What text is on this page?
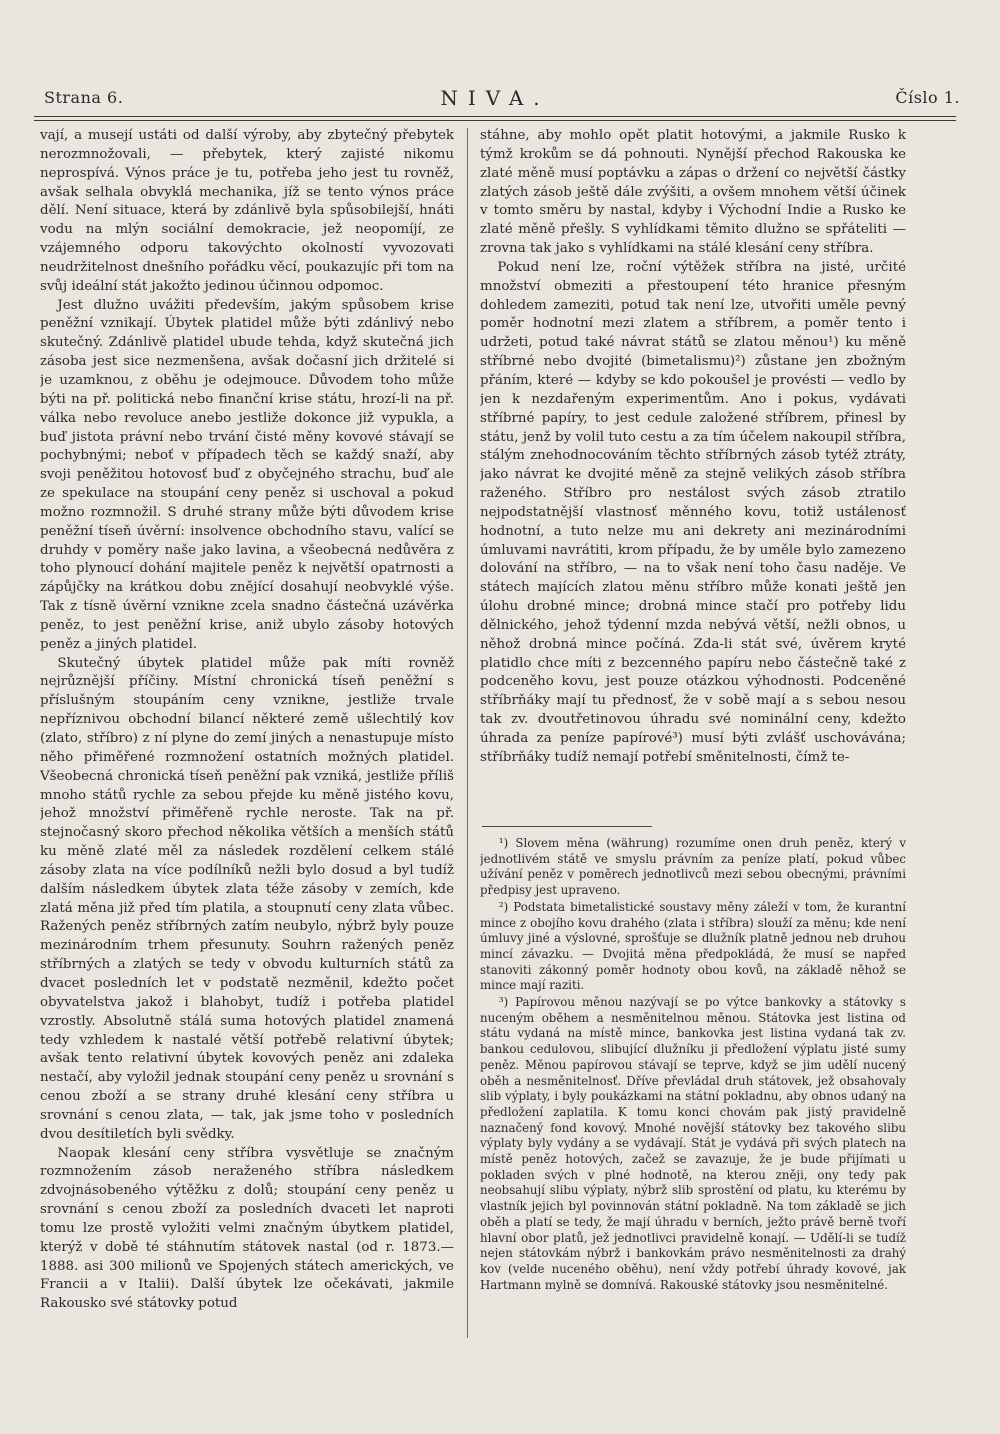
Strana 6.	NIVA.	Číslo 1.

vají, a musejí ustáti od další výroby, aby zbytečný přebytek nerozmnožovali, — přebytek, který zajisté nikomu neprospívá. Výnos práce je tu, potřeba jeho jest tu rovněž, avšak selhala obvyklá mechanika, jíž se tento výnos práce dělí. Není situace, která by zdánlivě byla spůsobilejší, hnáti vodu na mlýn sociální demokracie, jež neopomíjí, ze vzájemného odporu takovýchto okolností vyvozovati neudržitelnost dnešního pořádku věcí, poukazujíc při tom na svůj ideální stát jakožto jedinou účinnou odpomoc.

Jest dlužno uvážiti především, jakým spůsobem krise peněžní vznikají. Úbytek platidel může býti zdánlivý nebo skutečný. Zdánlivě platidel ubude tehda, když skutečná jich zásoba jest sice nezmenšena, avšak dočasní jich držitelé si je uzamknou, z oběhu je odejmouce. Důvodem toho může býti na př. politická nebo finanční krise státu, hrozí-li na př. válka nebo revoluce anebo jestliže dokonce již vypukla, a buď jistota právní nebo trvání čisté měny kovové stávají se pochybnými; neboť v případech těch se každý snaží, aby svoji peněžitou hotovosť buď z obyčejného strachu, buď ale ze spekulace na stoupání ceny peněz si uschoval a pokud možno rozmnožil. S druhé strany může býti důvodem krise peněžní tíseň úvěrní: insolvence obchodního stavu, valící se druhdy v poměry naše jako lavina, a všeobecná nedůvěra z toho plynoucí dohání majitele peněz k největší opatrnosti a zápůjčky na krátkou dobu znějící dosahují neobvyklé výše. Tak z tísně úvěrní vznikne zcela snadno částečná uzávěrka peněz, to jest peněžní krise, aniž ubylo zásoby hotových peněz a jiných platidel.

Skutečný úbytek platidel může pak míti rovněž nejrůznější příčiny. Místní chronická tíseň peněžní s příslušným stoupáním ceny vznikne, jestliže trvale nepříznivou obchodní bilancí některé země ušlechtilý kov (zlato, stříbro) z ní plyne do zemí jiných a nenastupuje místo něho přiměřené rozmnožení ostatních možných platidel. Všeobecná chronická tíseň peněžní pak vzniká, jestliže příliš mnoho států rychle za sebou přejde ku měně jistého kovu, jehož množství přiměřeně rychle neroste. Tak na př. stejnočasný skoro přechod několika větších a menších států ku měně zlaté měl za následek rozdělení celkem stálé zásoby zlata na více podílníků nežli bylo dosud a byl tudíž dalším následkem úbytek zlata téže zásoby v zemích, kde zlatá měna již před tím platila, a stoupnutí ceny zlata vůbec. Ražených peněz stříbrných zatím neubylo, nýbrž byly pouze mezinárodním trhem přesunuty. Souhrn ražených peněz stříbrných a zlatých se tedy v obvodu kulturních států za dvacet posledních let v podstatě nezměnil, kdežto počet obyvatelstva jakož i blahobyt, tudíž i potřeba platidel vzrostly. Absolutně stálá suma hotových platidel znamená tedy vzhledem k nastalé větší potřebě relativní úbytek; avšak tento relativní úbytek kovových peněz ani zdaleka nestačí, aby vyložil jednak stoupání ceny peněz u srovnání s cenou zboží a se strany druhé klesání ceny stříbra u srovnání s cenou zlata, — tak, jak jsme toho v posledních dvou desítiletích byli svědky.

Naopak klesání ceny stříbra vysvětluje se značným rozmnožením zásob neraženého stříbra následkem zdvojnásobeného výtěžku z dolů; stoupání ceny peněz u srovnání s cenou zboží za posledních dvaceti let naproti tomu lze prostě vyložiti velmi značným úbytkem platidel, kterýž v době té stáhnutím státovek nastal (od r. 1873.—1888. asi 300 milionů ve Spojených státech amerických, ve Francii a v Italii). Další úbytek lze očekávati, jakmile Rakousko své státovky potud

stáhne, aby mohlo opět platit hotovými, a jakmile Rusko k týmž krokům se dá pohnouti. Nynější přechod Rakouska ke zlaté měně musí poptávku a zápas o držení co největší částky zlatých zásob ještě dále zvýšiti, a ovšem mnohem větší účinek v tomto směru by nastal, kdyby i Východní Indie a Rusko ke zlaté měně přešly. S vyhlídkami těmito dlužno se spřáteliti — zrovna tak jako s vyhlídkami na stálé klesání ceny stříbra.

Pokud není lze, roční výtěžek stříbra na jisté, určité množství obmeziti a přestoupení této hranice přesným dohledem zameziti, potud tak není lze, utvořiti uměle pevný poměr hodnotní mezi zlatem a stříbrem, a poměr tento i udržeti, potud také návrat států se zlatou měnou¹) ku měně stříbrné nebo dvojité (bimetalismu)²) zůstane jen zbožným přáním, které — kdyby se kdo pokoušel je provésti — vedlo by jen k nezdařeným experimentům. Ano i pokus, vydávati stříbrné papíry, to jest cedule založené stříbrem, přinesl by státu, jenž by volil tuto cestu a za tím účelem nakoupil stříbra, stálým znehodnocováním těchto stříbrných zásob tytéž ztráty, jako návrat ke dvojité měně za stejně velikých zásob stříbra raženého. Stříbro pro nestálost svých zásob ztratilo nejpodstatnější vlastnosť měnného kovu, totiž ustálenosť hodnotní, a tuto nelze mu ani dekrety ani mezinárodními úmluvami navrátiti, krom případu, že by uměle bylo zamezeno dolování na stříbro, — na to však není toho času naděje. Ve státech majících zlatou měnu stříbro může konati ještě jen úlohu drobné mince; drobná mince stačí pro potřeby lidu dělnického, jehož týdenní mzda nebývá větší, nežli obnos, u něhož drobná mince počíná. Zda-li stát své, úvěrem kryté platidlo chce míti z bezcenného papíru nebo částečně také z podceněho kovu, jest pouze otázkou výhodnosti. Podceněné stříbrňáky mají tu přednosť, že v sobě mají a s sebou nesou tak zv. dvoutřetinovou úhradu své nominální ceny, kdežto úhrada za peníze papírové³) musí býti zvlášť uschovávána; stříbrňáky tudíž nemají potřebí směnitelnosti, čímž te-

¹) Slovem měna (währung) rozumíme onen druh peněz, který v jednotlivém státě ve smyslu právním za peníze platí, pokud vůbec užívání peněz v poměrech jednotlivců mezi sebou obecnými, právními předpisy jest upraveno.

²) Podstata bimetalistické soustavy měny záleží v tom, že kurantní mince z obojího kovu drahého (zlata i stříbra) slouží za měnu; kde není úmluvy jiné a výslovné, sprošťuje se dlužník platně jednou neb druhou mincí závazku. — Dvojitá měna předpokládá, že musí se napřed stanoviti zákonný poměr hodnoty obou kovů, na základě něhož se mince mají raziti.

³) Papírovou měnou nazývají se po výtce bankovky a státovky s nuceným oběhem a nesměnitelnou měnou. Státovka jest listina od státu vydaná na místě mince, bankovka jest listina vydaná tak zv. bankou cedulovou, slibující dlužníku ji předložení výplatu jisté sumy peněz. Měnou papírovou stávají se teprve, když se jim udělí nucený oběh a nesměnitelnosť. Dříve převládal druh státovek, jež obsahovaly slib výplaty, i byly poukázkami na státní pokladnu, aby obnos udaný na předložení zaplatila. K tomu konci chovám pak jistý pravidelně naznačený fond kovový. Mnohé novější státovky bez takového slibu výplaty byly vydány a se vydávají. Stát je vydává při svých platech na místě peněz hotových, začež se zavazuje, že je bude přijímati u pokladen svých v plné hodnotě, na kterou zněji, ony tedy pak neobsahují slibu výplaty, nýbrž slib sprostění od platu, ku kterému by vlastník jejich byl povinnován státní pokladně. Na tom základě se jich oběh a platí se tedy, že mají úhradu v berních, ježto právě berně tvoří hlavní obor platů, jež jednotlivci pravidelně konají. — Udělí-li se tudíž nejen státovkám nýbrž i bankovkám právo nesměnitelnosti za drahý kov (velde nuceného oběhu), není vždy potřebí úhrady kovové, jak Hartmann mylně se domnívá. Rakouské státovky jsou nesměnitelné.
